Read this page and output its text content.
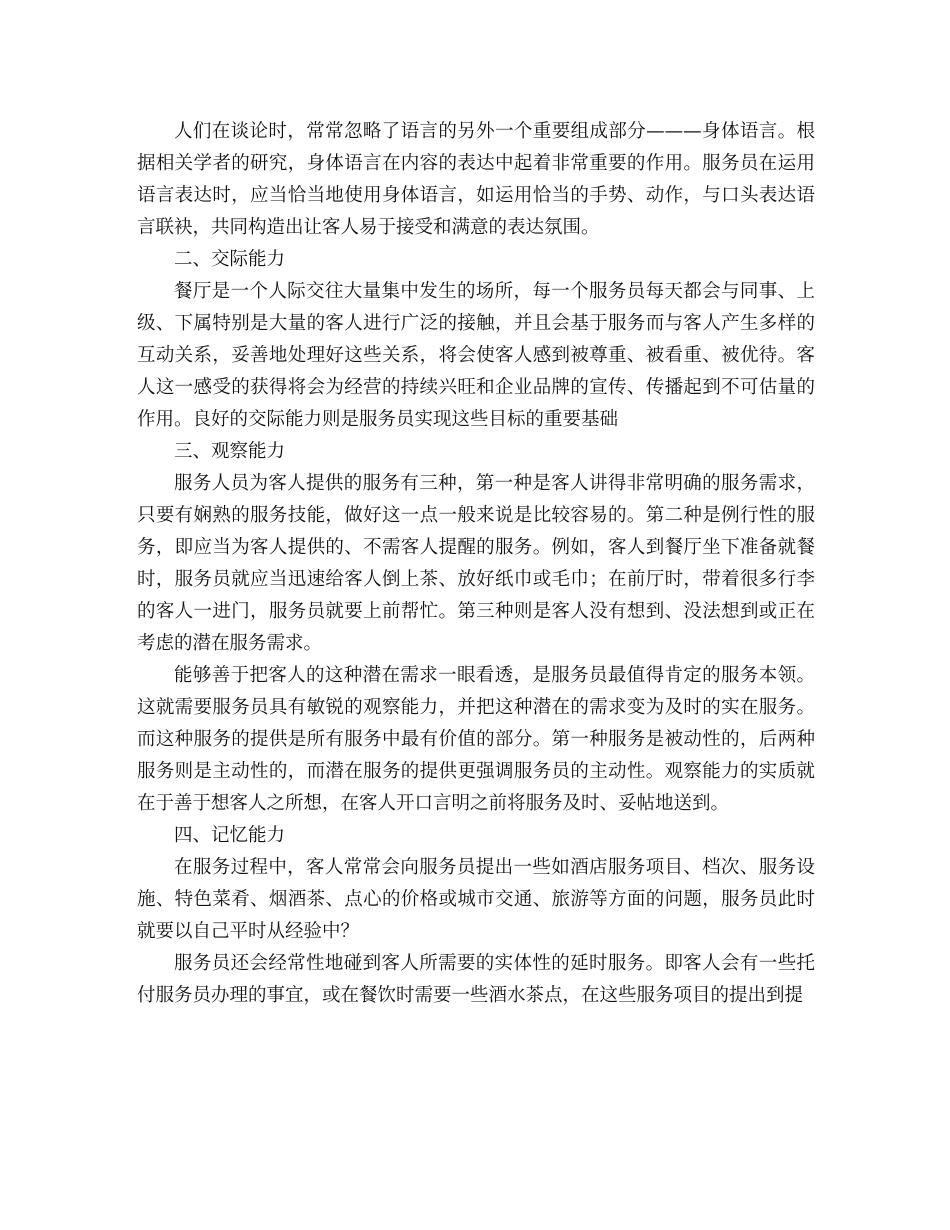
人们在谈论时，常常忽略了语言的另外一个重要组成部分———身体语言。根据相关学者的研究，身体语言在内容的表达中起着非常重要的作用。服务员在运用语言表达时，应当恰当地使用身体语言，如运用恰当的手势、动作，与口头表达语言联袂，共同构造出让客人易于接受和满意的表达氛围。

二、交际能力

餐厅是一个人际交往大量集中发生的场所，每一个服务员每天都会与同事、上级、下属特别是大量的客人进行广泛的接触，并且会基于服务而与客人产生多样的互动关系，妥善地处理好这些关系，将会使客人感到被尊重、被看重、被优待。客人这一感受的获得将会为经营的持续兴旺和企业品牌的宣传、传播起到不可估量的作用。良好的交际能力则是服务员实现这些目标的重要基础

三、观察能力

服务人员为客人提供的服务有三种，第一种是客人讲得非常明确的服务需求，只要有娴熟的服务技能，做好这一点一般来说是比较容易的。第二种是例行性的服务，即应当为客人提供的、不需客人提醒的服务。例如，客人到餐厅坐下准备就餐时，服务员就应当迅速给客人倒上茶、放好纸巾或毛巾；在前厅时，带着很多行李的客人一进门，服务员就要上前帮忙。第三种则是客人没有想到、没法想到或正在考虑的潜在服务需求。

能够善于把客人的这种潜在需求一眼看透，是服务员最值得肯定的服务本领。这就需要服务员具有敏锐的观察能力，并把这种潜在的需求变为及时的实在服务。而这种服务的提供是所有服务中最有价值的部分。第一种服务是被动性的，后两种服务则是主动性的，而潜在服务的提供更强调服务员的主动性。观察能力的实质就在于善于想客人之所想，在客人开口言明之前将服务及时、妥帖地送到。

四、记忆能力

在服务过程中，客人常常会向服务员提出一些如酒店服务项目、档次、服务设施、特色菜肴、烟酒茶、点心的价格或城市交通、旅游等方面的问题，服务员此时就要以自己平时从经验中？

服务员还会经常性地碰到客人所需要的实体性的延时服务。即客人会有一些托付服务员办理的事宜，或在餐饮时需要一些酒水茶点，在这些服务项目的提出到提
